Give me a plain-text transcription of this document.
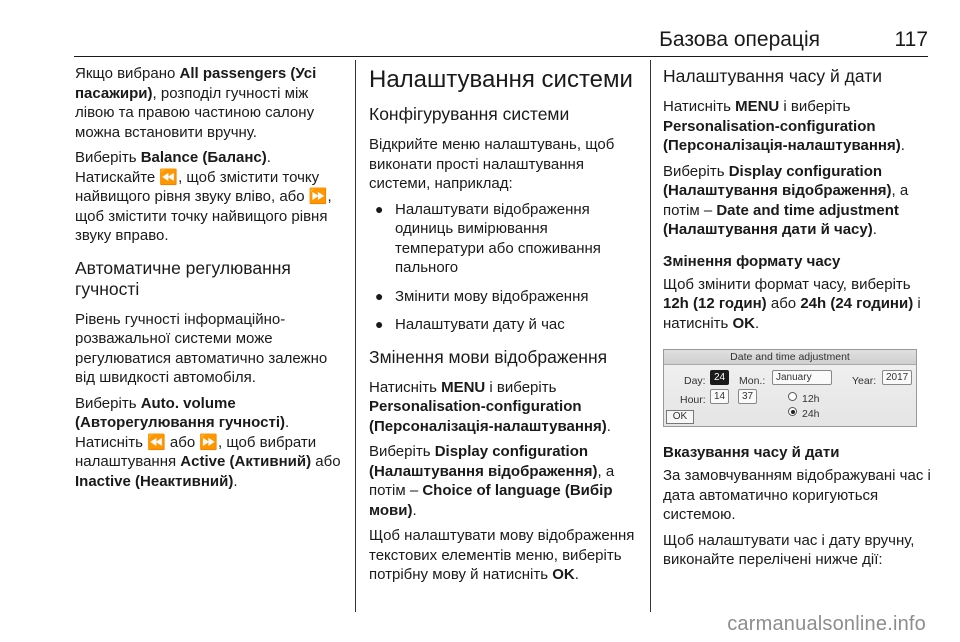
Базова операція	117

Якщо вибрано All passengers (Усі пасажири), розподіл гучності між лівою та правою частиною салону можна встановити вручну.

Виберіть Balance (Баланс).
Натискайте ⏪, щоб змістити точку найвищого рівня звуку вліво, або ⏩, щоб змістити точку найвищого рівня звуку вправо.

Автоматичне регулювання гучності

Рівень гучності інформаційно-розважальної системи може регулюватися автоматично залежно від швидкості автомобіля.

Виберіть Auto. volume (Авторегулювання гучності).
Натисніть ⏪ або ⏩, щоб вибрати налаштування Active (Активний) або Inactive (Неактивний).

Налаштування системи
Конфігурування системи

Відкрийте меню налаштувань, щоб виконати прості налаштування системи, наприклад:

● Налаштувати відображення одиниць вимірювання температури або споживання пального
● Змінити мову відображення
● Налаштувати дату й час
Змінення мови відображення

Натисніть MENU і виберіть Personalisation-configuration (Персоналізація-налаштування).

Виберіть Display configuration (Налаштування відображення), а потім – Choice of language (Вибір мови).

Щоб налаштувати мову відображення текстових елементів меню, виберіть потрібну мову й натисніть OK.

Налаштування часу й дати

Натисніть MENU і виберіть
Personalisation-configuration (Персоналізація-налаштування).

Виберіть Display configuration (Налаштування відображення), а потім – Date and time adjustment (Налаштування дати й часу).

Змінення формату часу

Щоб змінити формат часу, виберіть 12h (12 годин) або 24h (24 години) і натисніть OK.

Date and time adjustment
Day: 24	Mon.:	January	Year: 2017
Hour: 14	37	12h
24h
OK
Вказування часу й дати

За замовчуванням відображувані час і дата автоматично коригуються системою.

Щоб налаштувати час і дату вручну, виконайте перелічені нижче дії:

carmanualsonline.info
